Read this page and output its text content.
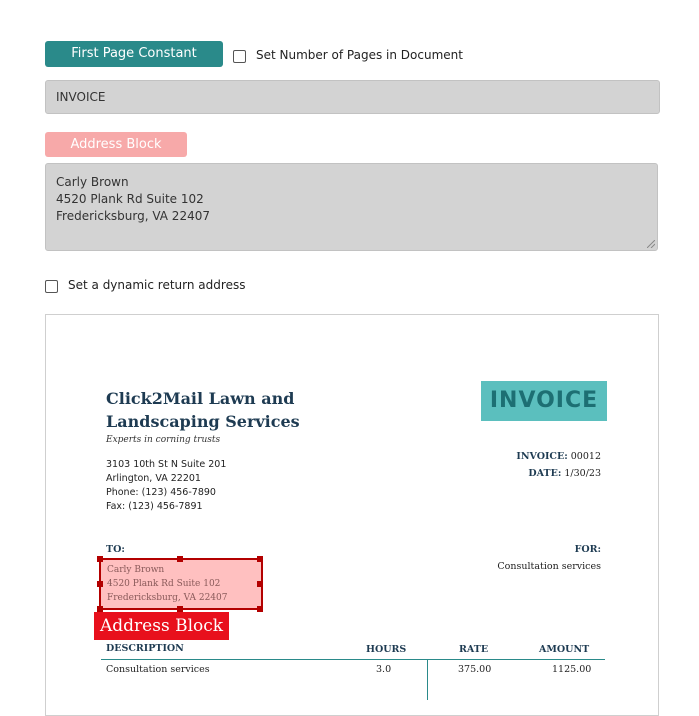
First Page Constant	Set Number of Pages in Document
INVOICE
Address Block
Carly Brown
4520 Plank Rd Suite 102
Fredericksburg, VA 22407
Set a dynamic return address
Click2Mail Lawn and
Landscaping Services
Experts in corning trusts
3103 10th St N Suite 201
Arlington, VA 22201
Phone: (123) 456-7890
Fax: (123) 456-7891
INVOICE
INVOICE: 00012
DATE: 1/30/23
TO:	FOR:
Consultation services
Carly Brown
4520 Plank Rd Suite 102
Fredericksburg, VA 22407
Address Block
DESCRIPTION	HOURS	RATE	AMOUNT
Consultation services	3.0	375.00	1125.00
